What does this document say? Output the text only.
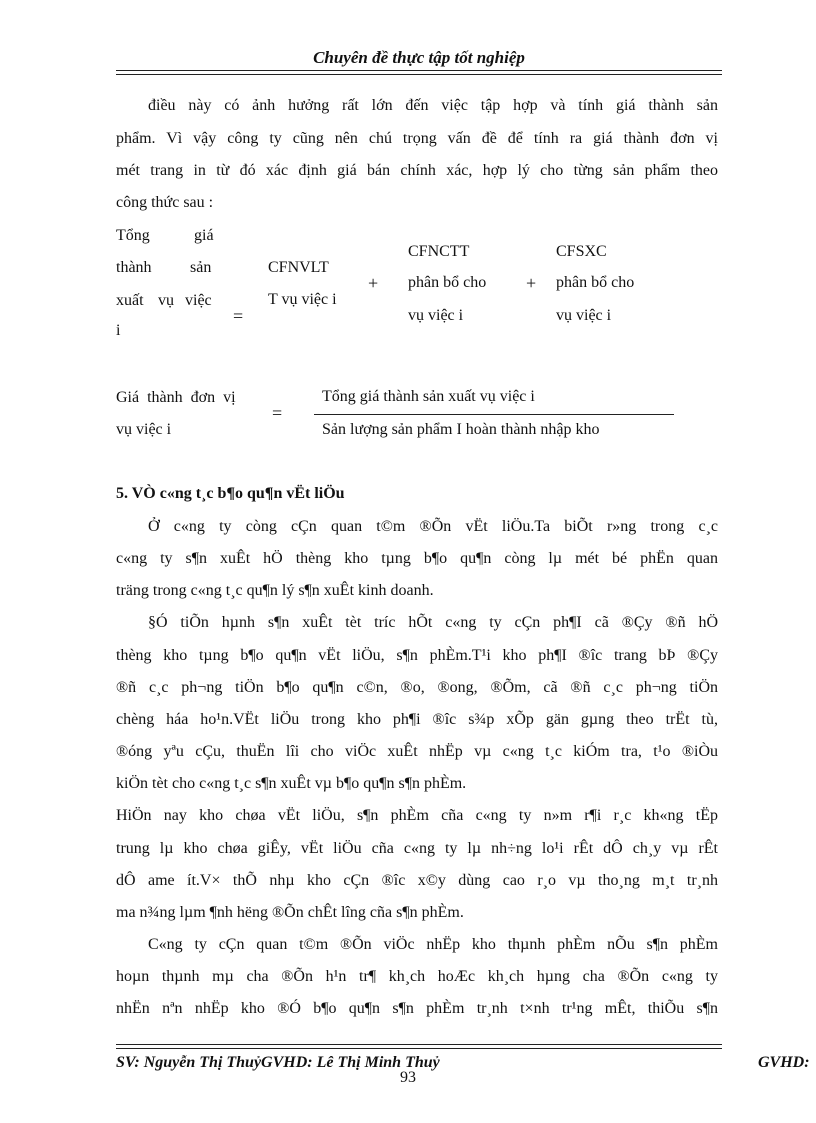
Chuyên đề thực tập tốt nghiệp
điều này có ảnh hưởng rất lớn đến việc tập hợp và tính giá thành sản
phẩm. Vì vậy công ty cũng nên chú trọng vấn đề để tính ra giá thành đơn vị
mét trang in từ đó xác định giá bán chính xác, hợp lý cho từng sản phẩm theo
công thức sau :
Tổng	giá
thành sản
xuất vụ việc
i
=
CFNVLT
T vụ việc i
+
CFNCTT
phân bổ cho
vụ việc i
+
CFSXC
phân bổ cho
vụ việc i
Giá thành đơn vị
vụ việc i
=
Tổng giá thành sản xuất vụ việc i
Sản lượng sản phẩm I hoàn thành nhập kho
5. VÒ c«ng t¸c b¶o qu¶n vËt liÖu
Ở c«ng ty còng cÇn quan t©m ®Õn vËt liÖu.Ta biÕt r»ng trong c¸c
c«ng ty s¶n xuÊt hÖ thèng kho tµng b¶o qu¶n còng lµ mét bé phËn quan
träng trong c«ng t¸c qu¶n lý s¶n xuÊt kinh doanh.
§Ó tiÕn hµnh s¶n xuÊt tèt tríc hÕt c«ng ty cÇn ph¶I cã ®Çy ®ñ hÖ
thèng kho tµng b¶o qu¶n vËt liÖu, s¶n phÈm.T¹i kho ph¶I ®îc trang bÞ ®Çy
®ñ c¸c ph¬ng tiÖn b¶o qu¶n c©n, ®o, ®ong, ®Õm, cã ®ñ c¸c ph¬ng tiÖn
chèng háa ho¹n.VËt liÖu trong kho ph¶i ®îc s¾p xÕp gän gµng theo trËt tù,
®óng yªu cÇu, thuËn lîi cho viÖc xuÊt nhËp vµ c«ng t¸c kiÓm tra, t¹o ®iÒu
kiÖn tèt cho c«ng t¸c s¶n xuÊt vµ b¶o qu¶n s¶n phÈm.
HiÖn nay kho chøa vËt liÖu, s¶n phÈm cña c«ng ty n»m r¶i r¸c kh«ng tËp
trung lµ kho chøa giÊy, vËt liÖu cña c«ng ty lµ nh÷ng lo¹i rÊt dÔ ch¸y vµ rÊt
dÔ ame ít.V× thÕ nhµ kho cÇn ®îc x©y dùng cao r¸o vµ tho¸ng m¸t tr¸nh
ma n¾ng lµm ¶nh hëng ®Õn chÊt lîng cña s¶n phÈm.
C«ng ty cÇn quan t©m ®Õn viÖc nhËp kho thµnh phÈm nÕu s¶n phÈm
hoµn thµnh mµ cha ®Õn h¹n tr¶ kh¸ch hoÆc kh¸ch hµng cha ®Õn c«ng ty
nhËn nªn nhËp kho ®Ó b¶o qu¶n s¶n phÈm tr¸nh t×nh tr¹ng mÊt, thiÕu s¶n
SV: Nguyễn Thị ThuỷGVHD: Lê Thị Minh Thuỷ	GVHD:
93
